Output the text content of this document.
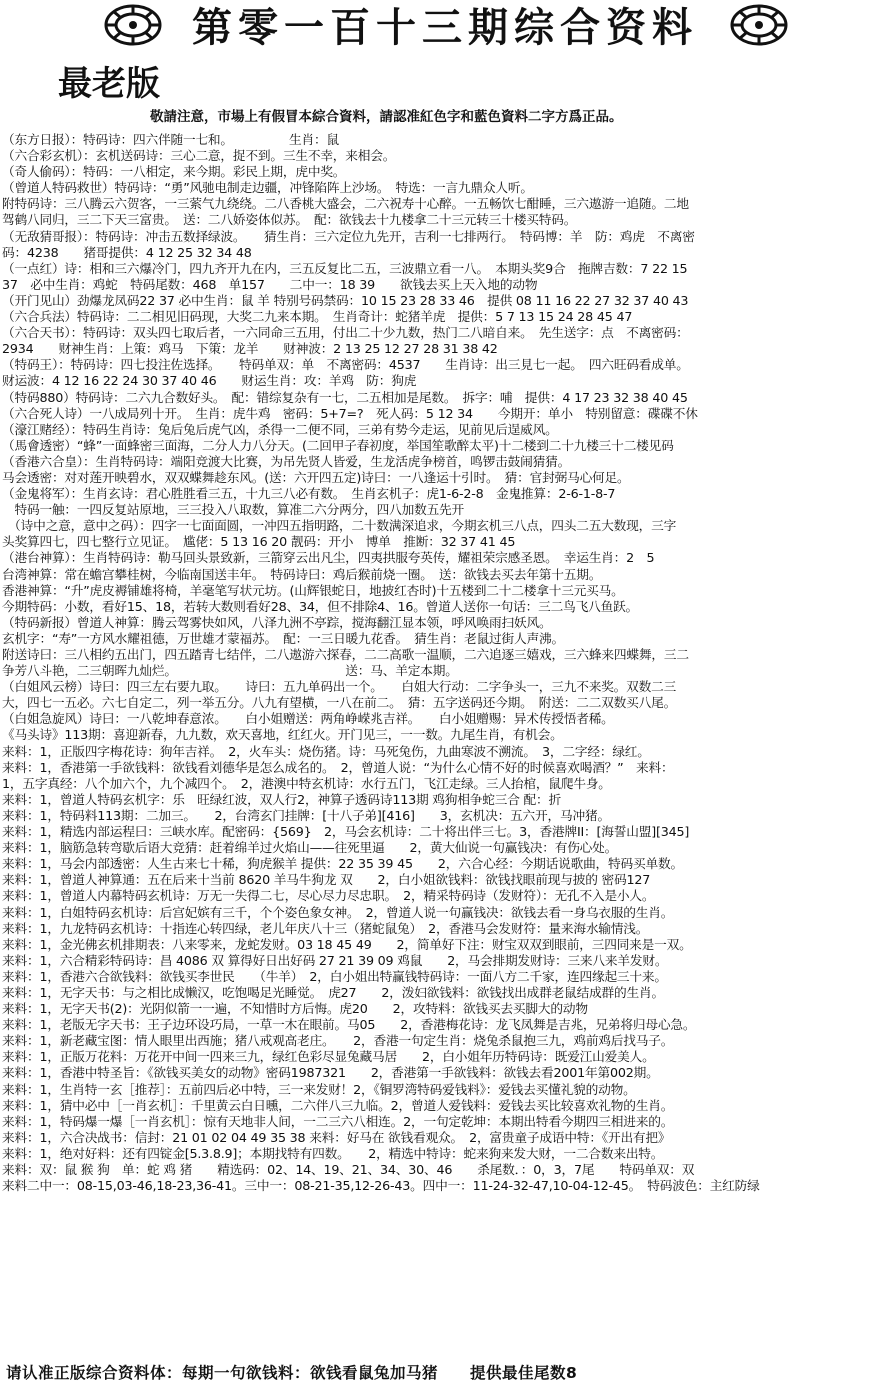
第零一百十三期综合资料
最老版
敬請注意，市場上有假冒本綜合資料，請認准紅色字和藍色資料二字方爲正品。
（东方日报）：特码诗：四六伴随一七和。　　　　　生肖：鼠
（六合彩玄机）：玄机送码诗：三心二意，捉不到。三生不幸，来相会。
（奇人偷码）：特码：一八相定，来今期。彩民上期，虎中奖。
（曾道人特码救世）特码诗：“勇”风驰电制走边疆，冲锋陷阵上沙场。　特选：一言九鼎众人听。
附特码诗：三八腾云六贺客，一三萦气九绕绕。二八香桃大盛会，二六祝寿十心醉。一五畅饮七酣睡，三六遨游一追随。二地
驾鹤八同归，三二下天三富贵。　送：二八娇姿体似苏。　配：欲钱去十九楼拿二十三元转三十楼买特码。
（无敌猜哥报）：特码诗：冲击五数择绿波。　　猜生肖：三六定位九先开，吉利一七排两行。　特码博：羊　防：鸡虎　不离密
码：4238　　猪哥提供：4 12 25 32 34 48
（一点红）诗：相和三六爆冷门，四九齐开九在内，三五反复比二五，三波鼎立看一八。　本期头奖9合　拖牌吉数：7 22 15
37　必中生肖：鸡蛇　特码尾数：468　单157　　二中一：18 39　　欲钱去买上天入地的动物
（开门见山）劲爆龙凤码22 37 必中生肖：鼠 羊 特别号码禁码：10 15 23 28 33 46　提供 08 11 16 22 27 32 37 40 43
（六合兵法）特码诗：二二相见旧码现，大奖二九来本期。　生肖奇计：蛇猪羊虎　提供：5 7 13 15 24 28 45 47
（六合天书）：特码诗：双头四七取后者，一六同命三五用，付出二十少九数，热门二八暗自来。　先生送字：点　不离密码：
2934　　财神生肖：上策：鸡马　下策：龙羊　　财神波：2 13 25 12 27 28 31 38 42
（特码王）：特码诗：四七投注佐选择。　　特码单双：单　不离密码：4537　　生肖诗：出三見七一起。　四六旺码看成单。
财运波：4 12 16 22 24 30 37 40 46　　财运生肖：攻：羊鸡　防：狗虎
（特码880）特码诗：二六九合数好头。　配：错综复杂有一七，二五相加是尾数。　拆字：哺　提供：4 17 23 32 38 40 45
（六合死人诗）一八成局列十开。　生肖：虎牛鸡　密码：5+7=?　死人码：5 12 34　　今期开：单小　特别留意：碟碟不休
（濠江赌经）：特码生肖诗：兔后兔后虎气凶，杀得一二便不同，三弟有势今走运，见前见后逞威风。
（馬會透密）“蜂”一面蜂密三面海，二分人力八分天。(二回甲子春初度，举国笙歌醉太平)十二楼到二十九楼三十二楼见码
（香港六合皇）：生肖特码诗：端阳竞渡大比赛，为吊先贤人皆爱，生龙活虎争榜首，鸣锣击鼓闹猜猜。
马会透密：对对莲开映碧水，双双蝶舞趁东风。(送：六开四五定)诗曰：一八逢运十引时。　猜：官封弼马心何足。
（金鬼将军）：生肖玄诗：君心胜胜看三五，十九三八必有数。　生肖玄机子：虎1-6-2-8　金鬼推算：2-6-1-8-7
　特码一触：一四反复站原地，三三投入八取数，算准二六分两分，四八加数五先开
　（诗中之意，意中之码）：四字一七面面圆，一冲四五指明路，二十数满深追求，今期玄机三八点，四头二五大数现，三字
头奖算四七，四七整行立见证。　尴佬：5 13 16 20 靓码：开小　博单　推断：32 37 41 45
（港台神算）：生肖特码诗：勒马回头景致新，三箭穿云出凡尘，四夷拱服夸英传，耀祖荣宗感圣恩。　幸运生肖：2　5
台湾神算：常在蟾宫攀桂树，今临南国送丰年。　特码诗曰：鸡后猴前烧一圈。　送：欲钱去买去年第十五期。
香港神算：“升”虎皮褥铺雄将椅，羊毫笔写状元坊。(山辉银蛇日，地披红杏时)十五楼到二十二楼拿十三元买马。
今期特码：小数，看好15、18，若转大数则看好28、34，但不排除4、16。曾道人送你一句话：三二鸟飞八鱼跃。
（特码新报）曾道人神算：腾云驾雾快如风，八泽九洲不亭踪，搅海翻江显本领，呼风唤雨扫妖风。
玄机字：“寿”一方风水耀祖德，万世雄才蒙福苏。　配：一三日暖九花香。　猜生肖：老鼠过街人声沸。
附送诗曰：三八相约五出门，四五踏青七结伴，二八遨游六探春，二二高歌一温顺，二六追逐三嬉戏，三六蜂来四蝶舞，三二
争芳八斗艳，二三朝晖九灿烂。　　　　　　　　　　　　　　送：马、羊定本期。
（白姐风云榜）诗曰：四三左右要九取。　　诗曰：五九单码出一个。　　白姐大行动：二字争头一，三九不来奖。双数二三
大，四七一五必。六七自定二，列一举五分。八九有望横，一八在前二。　猜：五字送码还今期。　附送：二二双数买八尾。
（白姐急旋风）诗曰：一八乾坤春意浓。　　白小姐赠送：两角峥嵘兆吉祥。　　白小姐赠赐：异术传授悟者稀。
《马头诗》113期：喜迎新春，九九数，欢天喜地，红红火。开门见三，一一数。九尾生肖，有机会。
来料：1，正版四字梅花诗：狗年吉祥。　2，火车头：烧伤猪。诗：马死兔伤，九曲寒波不溯流。　3，二字经：绿红。
来料：1，香港第一手欲钱料：欲钱看刘德华是怎么成名的。　2，曾道人说：“为什么心情不好的时候喜欢喝酒？”　来料：
1，五字真经：八个加六个，九个减四个。　2，港澳中特玄机诗：水行五门，飞江走绿。三人抬棺，鼠爬牛身。
来料：1，曾道人特码玄机字：乐　旺绿红波，双人行2，神算子透码诗113期 鸡狗相争蛇三合 配：折
来料：1，特码料113期：二加三。　　2，台湾玄门挂牌：[十八子弟][416]　　3，玄机决：五六开，马冲猪。
来料：1，精选内部运程曰：三峡水库。配密码：{569}　2，马会玄机诗：二十将出伴三七。3，香港牌II：[海誓山盟][345]
来料：1，脑筋急转弯歇后语大竞猜：赶着绵羊过火焰山——往死里逼　　2，黄大仙说一句赢钱决：有伤心处。
来料：1，马会内部透密：人生古来七十稀，狗虎猴羊 提供：22 35 39 45　　2，六合心经：今期话说歌曲，特码买单数。
来料：1，曾道人神算通：五在后来十当前 8620 羊马牛狗龙 双　　2，白小姐欲钱料：欲钱找眼前现与披的 密码127
来料：1，曾道人内幕特码玄机诗：万无一失得二七，尽心尽力尽忠职。　2，精采特码诗（发财符）：无孔不入是小人。
来料：1，白姐特码玄机诗：后宫妃嫔有三千，个个姿色象女神。　2，曾道人说一句赢钱决：欲钱去看一身乌衣服的生肖。
来料：1，九龙特码玄机诗：十指连心转四绿，老儿年庆八十三（猪蛇鼠兔）　2，香港马会发财符：量来海水输情浅。
来料：1，金光佛玄机排期表：八来零来，龙蛇发财。03 18 45 49　　2，简单好下注：财宝双双到眼前，三四同来是一双。
来料：1，六合精彩特码诗：昌 4086 双 算得好日出好码 27 21 39 09 鸡鼠　　2，马会排期发财诗：三来八来羊发财。
来料：1，香港六合欲钱料：欲钱买李世民　　（牛羊）　2，白小姐出特赢钱特码诗：一面八方二千家，连四缘起三十来。
来料：1，无字天书：与之相比成懒汉，吃饱喝足光睡觉。　虎27　　2，泼妇欲钱料：欲钱找出成群老鼠结成群的生肖。
来料：1，无字天书(2)：光阴似箭一一遍，不知惜时方后悔。虎20　　2，攻特料：欲钱买去买脚大的动物
来料：1，老版无字天书：王子边环设巧局，一草一木在眼前。马05　　2，香港梅花诗：龙飞凤舞是吉兆，兄弟将归母心急。
来料：1，新老藏宝图：情人眼里出西施；猪八戒观高老庄。　　2，香港一句定生肖：烧兔杀鼠抱三九，鸡前鸡后找马子。
来料：1，正版万花料：万花开中间一四来三九，绿红色彩尽显兔藏马居　　2，白小姐年历特码诗：既爱江山爱美人。
来料：1，香港中特圣旨：《欲钱买美女的动物》密码1987321　　2，香港第一手欲钱料：欲钱去看2001年第002期。
来料：1，生肖特一玄［推荐］：五前四后必中特，三一来发财！2，《铜罗湾特码爱钱料》：爱钱去买懂礼貌的动物。
来料：1，猜中必中［一肖玄机］：千里黄云白日曛，二六伴八三九临。2，曾道人爱钱料：爱钱去买比较喜欢礼物的生肖。
来料：1，特码爆一爆［一肖玄机］：惊有天地非人间，一二三六八相连。2，一句定乾坤：本期出特看今期四三相进来的。
来料：1，六合决战书：信封：21 01 02 04 49 35 38 来料：好马在 欲钱看观众。　2，富贵童子成语中特：《开出有把》
来料：1，绝对好料：还有四锭金[5.3.8.9]；本期找特有四数。　　2，精选中特诗：蛇来狗来发大财，一二合数来出特。
来料：双：鼠 猴 狗　单：蛇 鸡 猪　　精选码：02、14、19、21、34、30、46　　杀尾数．：0，3，7尾　　特码单双：双
来料二中一：08-15,03-46,18-23,36-41。三中一：08-21-35,12-26-43。四中一：11-24-32-47,10-04-12-45。　特码波色：主红防绿
请认准正版综合资料体：每期一句欲钱料：欲钱看鼠兔加马猪　　提供最佳尾数8
